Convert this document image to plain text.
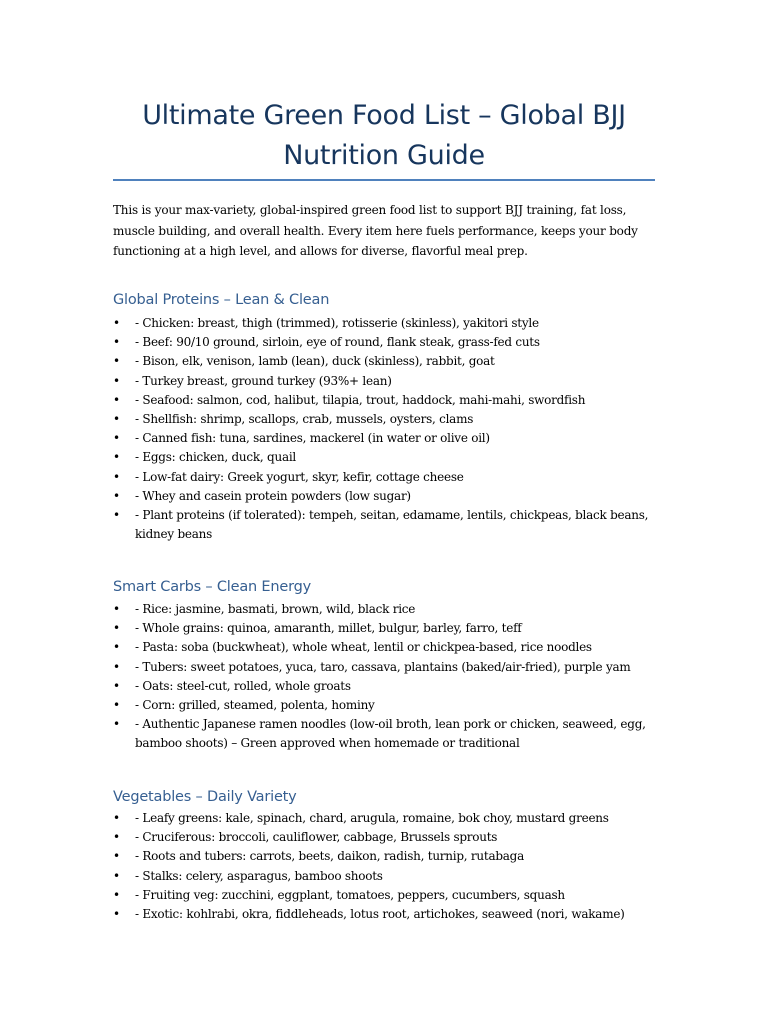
Ultimate Green Food List – Global BJJ Nutrition Guide

This is your max-variety, global-inspired green food list to support BJJ training, fat loss, muscle building, and overall health. Every item here fuels performance, keeps your body functioning at a high level, and allows for diverse, flavorful meal prep.

Global Proteins – Lean & Clean
• - Chicken: breast, thigh (trimmed), rotisserie (skinless), yakitori style
• - Beef: 90/10 ground, sirloin, eye of round, flank steak, grass-fed cuts
• - Bison, elk, venison, lamb (lean), duck (skinless), rabbit, goat
• - Turkey breast, ground turkey (93%+ lean)
• - Seafood: salmon, cod, halibut, tilapia, trout, haddock, mahi-mahi, swordfish
• - Shellfish: shrimp, scallops, crab, mussels, oysters, clams
• - Canned fish: tuna, sardines, mackerel (in water or olive oil)
• - Eggs: chicken, duck, quail
• - Low-fat dairy: Greek yogurt, skyr, kefir, cottage cheese
• - Whey and casein protein powders (low sugar)
• - Plant proteins (if tolerated): tempeh, seitan, edamame, lentils, chickpeas, black beans, kidney beans
Smart Carbs – Clean Energy
• - Rice: jasmine, basmati, brown, wild, black rice
• - Whole grains: quinoa, amaranth, millet, bulgur, barley, farro, teff
• - Pasta: soba (buckwheat), whole wheat, lentil or chickpea-based, rice noodles
• - Tubers: sweet potatoes, yuca, taro, cassava, plantains (baked/air-fried), purple yam
• - Oats: steel-cut, rolled, whole groats
• - Corn: grilled, steamed, polenta, hominy
• - Authentic Japanese ramen noodles (low-oil broth, lean pork or chicken, seaweed, egg, bamboo shoots) – Green approved when homemade or traditional
Vegetables – Daily Variety
• - Leafy greens: kale, spinach, chard, arugula, romaine, bok choy, mustard greens
• - Cruciferous: broccoli, cauliflower, cabbage, Brussels sprouts
• - Roots and tubers: carrots, beets, daikon, radish, turnip, rutabaga
• - Stalks: celery, asparagus, bamboo shoots
• - Fruiting veg: zucchini, eggplant, tomatoes, peppers, cucumbers, squash
• - Exotic: kohlrabi, okra, fiddleheads, lotus root, artichokes, seaweed (nori, wakame)
